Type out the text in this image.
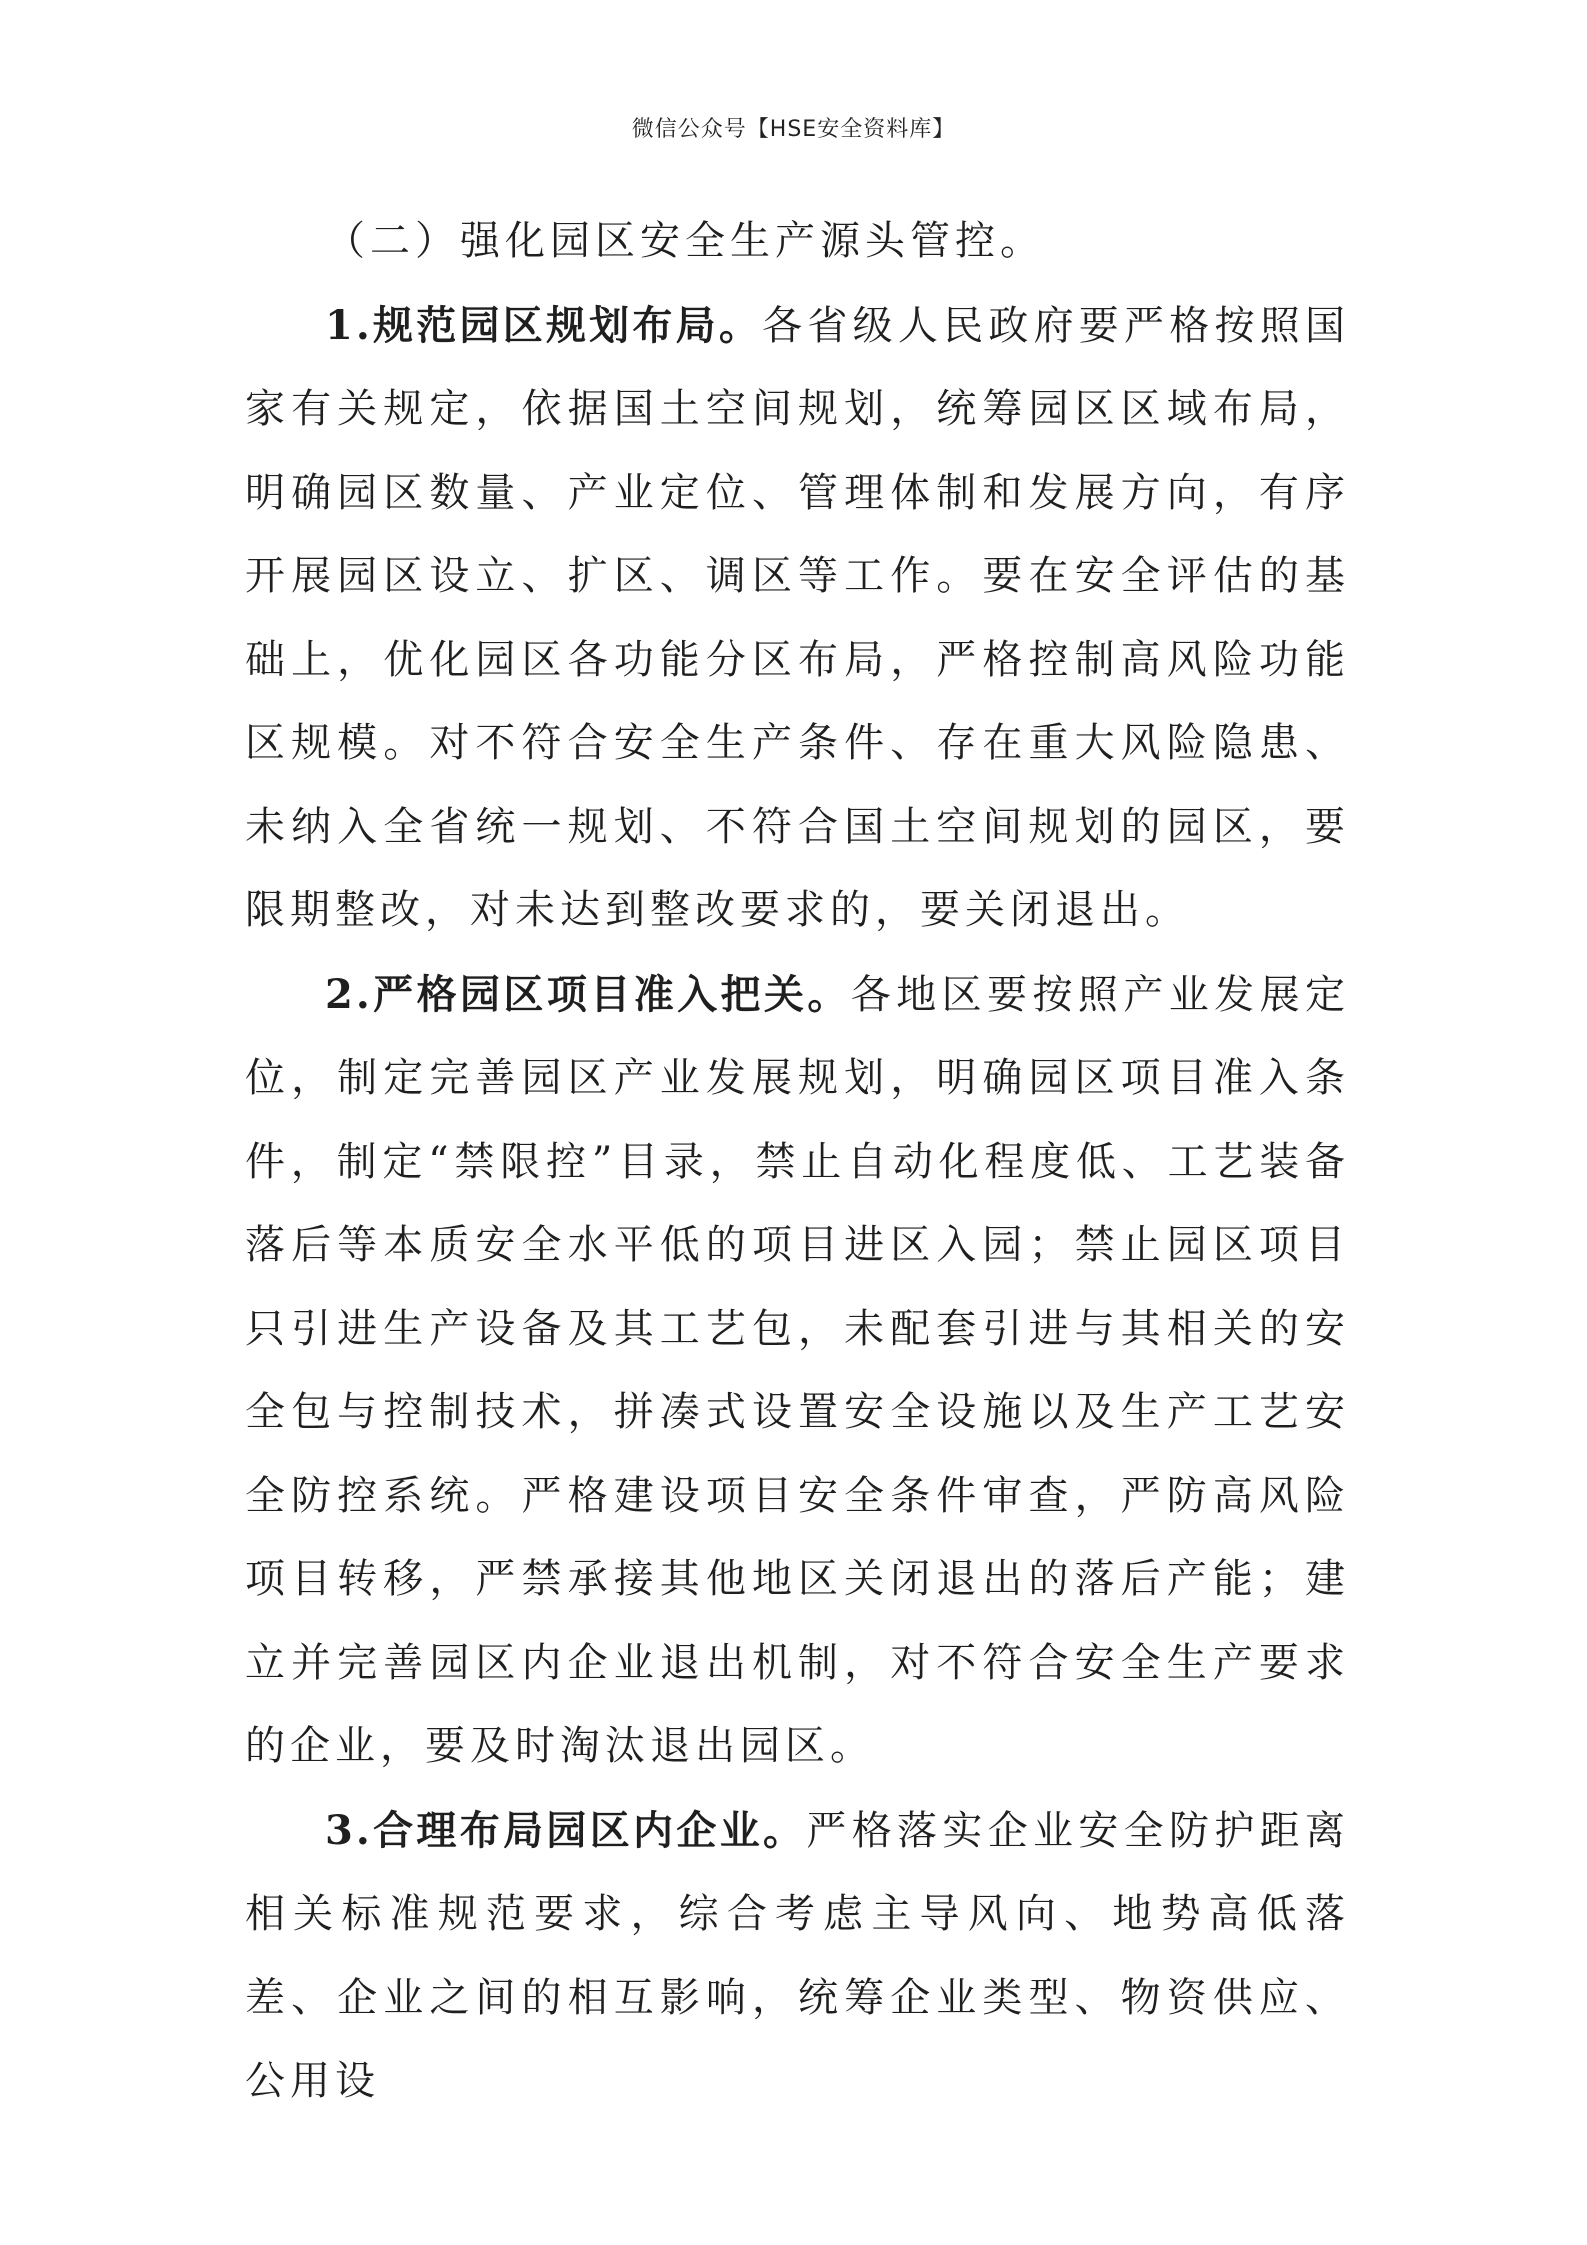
微信公众号【HSE安全资料库】

（二）强化园区安全生产源头管控。

1.规范园区规划布局。各省级人民政府要严格按照国家有关规定，依据国土空间规划，统筹园区区域布局，明确园区数量、产业定位、管理体制和发展方向，有序开展园区设立、扩区、调区等工作。要在安全评估的基础上，优化园区各功能分区布局，严格控制高风险功能区规模。对不符合安全生产条件、存在重大风险隐患、未纳入全省统一规划、不符合国土空间规划的园区，要限期整改，对未达到整改要求的，要关闭退出。

2.严格园区项目准入把关。各地区要按照产业发展定位，制定完善园区产业发展规划，明确园区项目准入条件，制定“禁限控”目录，禁止自动化程度低、工艺装备落后等本质安全水平低的项目进区入园；禁止园区项目只引进生产设备及其工艺包，未配套引进与其相关的安全包与控制技术，拼凑式设置安全设施以及生产工艺安全防控系统。严格建设项目安全条件审查，严防高风险项目转移，严禁承接其他地区关闭退出的落后产能；建立并完善园区内企业退出机制，对不符合安全生产要求的企业，要及时淘汰退出园区。

3.合理布局园区内企业。严格落实企业安全防护距离相关标准规范要求，综合考虑主导风向、地势高低落差、企业之间的相互影响，统筹企业类型、物资供应、公用设
